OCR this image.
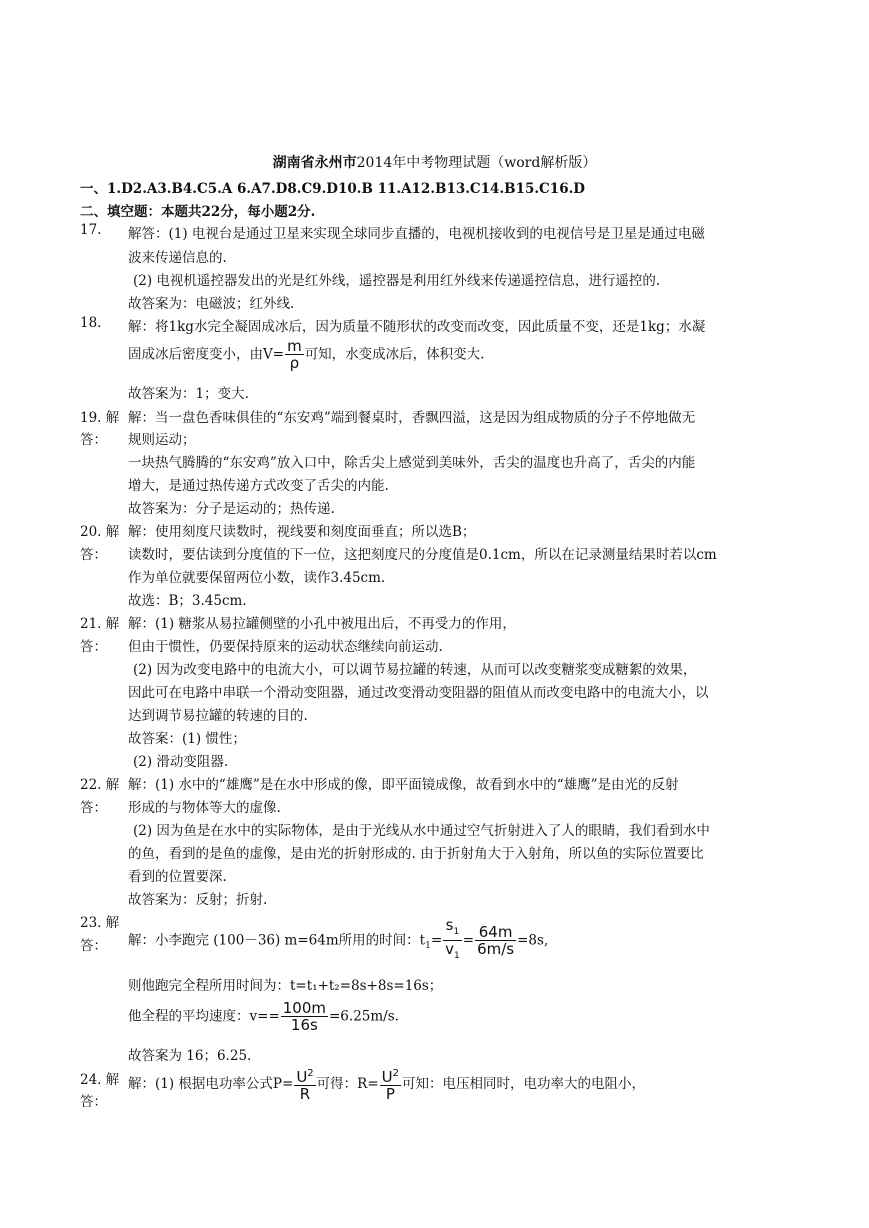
湖南省永州市2014年中考物理试题（word解析版）
一、1.D2.A3.B4.C5.A 6.A7.D8.C9.D10.B 11.A12.B13.C14.B15.C16.D
二、填空题：本题共22分，每小题2分.
17. 解答：(1) 电视台是通过卫星来实现全球同步直播的，电视机接收到的电视信号是卫星是通过电磁
波来传递信息的.
(2) 电视机遥控器发出的光是红外线，遥控器是利用红外线来传递遥控信息，进行遥控的.
故答案为：电磁波；红外线.
18. 解：将1kg水完全凝固成冰后，因为质量不随形状的改变而改变，因此质量不变，还是1kg；水凝
固成冰后密度变小，由$V= \frac{m}{\rho}$ 可知，水变成冰后，体积变大.
故答案为：1；变大.
19. 解
答：
解：当一盘色香味俱佳的“东安鸡”端到餐桌时，香飘四溢，这是因为组成物质的分子不停地做无
规则运动；
一块热气腾腾的“东安鸡”放入口中，除舌尖上感觉到美味外，舌尖的温度也升高了，舌尖的内能
增大，是通过热传递方式改变了舌尖的内能.
故答案为：分子是运动的；热传递.
20. 解
答：
解：使用刻度尺读数时，视线要和刻度面垂直；所以选B；
读数时，要估读到分度值的下一位，这把刻度尺的分度值是0.1cm，所以在记录测量结果时若以cm
作为单位就要保留两位小数，读作3.45cm.
故选：B；3.45cm.
21. 解
答：
解：(1) 糖浆从易拉罐侧壁的小孔中被甩出后，不再受力的作用，
但由于惯性，仍要保持原来的运动状态继续向前运动.
(2) 因为改变电路中的电流大小，可以调节易拉罐的转速，从而可以改变糖浆变成糖絮的效果，
因此可在电路中串联一个滑动变阻器，通过改变滑动变阻器的阻值从而改变电路中的电流大小，以
达到调节易拉罐的转速的目的.
故答案：(1) 惯性；
(2) 滑动变阻器.
22. 解
答：
解：(1) 水中的“雄鹰”是在水中形成的像，即平面镜成像，故看到水中的“雄鹰”是由光的反射
形成的与物体等大的虚像.
(2) 因为鱼是在水中的实际物体，是由于光线从水中通过空气折射进入了人的眼睛，我们看到水中
的鱼，看到的是鱼的虚像，是由光的折射形成的. 由于折射角大于入射角，所以鱼的实际位置要比
看到的位置要深.
故答案为：反射；折射.
23. 解
答： 解：小李跑完 (100－36) m=64m所用的时间：$t_1= \frac{s_1}{v_1} = \frac{64m}{6m/s} =8s$,
则他跑完全程所用时间为：t=t₁+t₂=8s+8s=16s；
他全程的平均速度：$v== \frac{100m}{16s} =6.25m/s$.
故答案为 16；6.25.
24. 解
答：
解：(1) 根据电功率公式$P= \frac{U^2}{R}$ 可得：$R= \frac{U^2}{P}$ 可知：电压相同时，电功率大的电阻小，
